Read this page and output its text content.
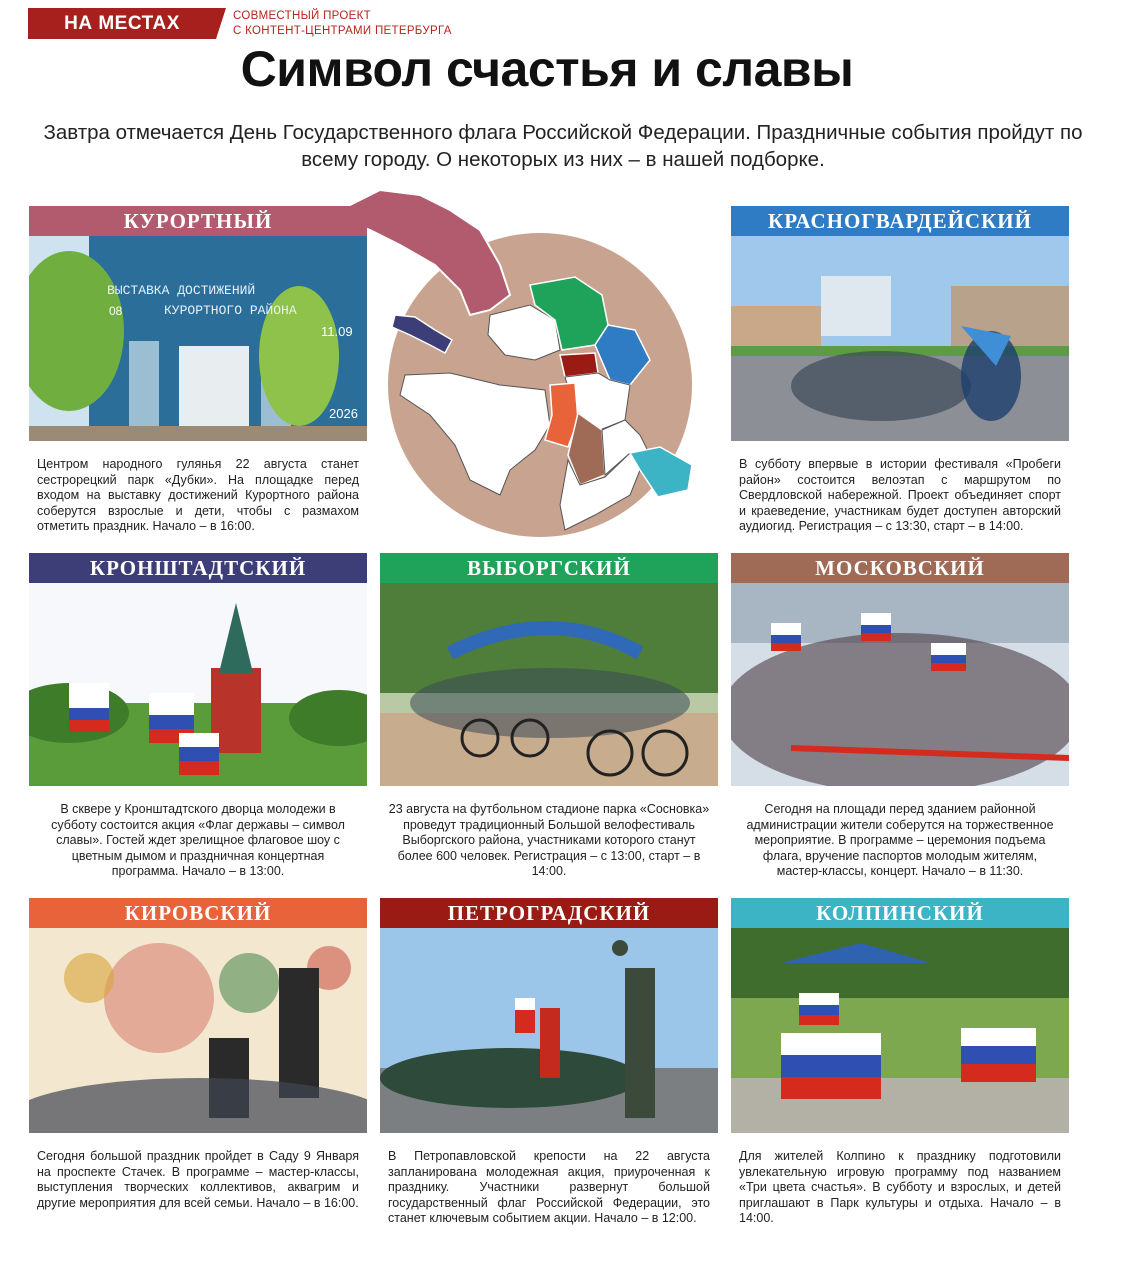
НА МЕСТАХ	СОВМЕСТНЫЙ ПРОЕКТ
С КОНТЕНТ-ЦЕНТРАМИ ПЕТЕРБУРГА
Символ счастья и славы
Завтра отмечается День Государственного флага Российской Федерации. Праздничные события пройдут по всему городу. О некоторых из них – в нашей подборке.
КУРОРТНЫЙ
ВЫСТАВКА ДОСТИЖЕНИЙ
КУРОРТНОГО РАЙОНА
11.09
2026
08
Центром народного гулянья 22 августа станет сестрорецкий парк «Дубки». На площадке перед входом на выставку достижений Курортного района соберутся взрослые и дети, чтобы с размахом отметить праздник. Начало – в 16:00.
КРАСНОГВАРДЕЙСКИЙ
В субботу впервые в истории фестиваля «Пробеги район» состоится велоэтап с маршрутом по Свердловской набережной. Проект объединяет спорт и краеведение, участникам будет доступен авторский аудиогид. Регистрация – с 13:30, старт – в 14:00.
КРОНШТАДТСКИЙ
В сквере у Кронштадтского дворца молодежи в субботу состоится акция «Флаг державы – символ славы». Гостей ждет зрелищное флаговое шоу с цветным дымом и праздничная концертная программа. Начало – в 13:00.
ВЫБОРГСКИЙ
23 августа на футбольном стадионе парка «Сосновка» проведут традиционный Большой велофестиваль Выборгского района, участниками которого станут более 600 человек. Регистрация – с 13:00, старт – в 14:00.
МОСКОВСКИЙ
Сегодня на площади перед зданием районной администрации жители соберутся на торжественное мероприятие. В программе – церемония подъема флага, вручение паспортов молодым жителям, мастер-классы, концерт. Начало – в 11:30.
КИРОВСКИЙ
Сегодня большой праздник пройдет в Саду 9 Января на проспекте Стачек. В программе – мастер-классы, выступления творческих коллективов, аквагрим и другие мероприятия для всей семьи. Начало – в 16:00.
ПЕТРОГРАДСКИЙ
В Петропавловской крепости на 22 августа запланирована молодежная акция, приуроченная к празднику. Участники развернут большой государственный флаг Российской Федерации, это станет ключевым событием акции. Начало – в 12:00.
КОЛПИНСКИЙ
Для жителей Колпино к празднику подготовили увлекательную игровую программу под названием «Три цвета счастья». В субботу и взрослых, и детей приглашают в Парк культуры и отдыха. Начало – в 14:00.
